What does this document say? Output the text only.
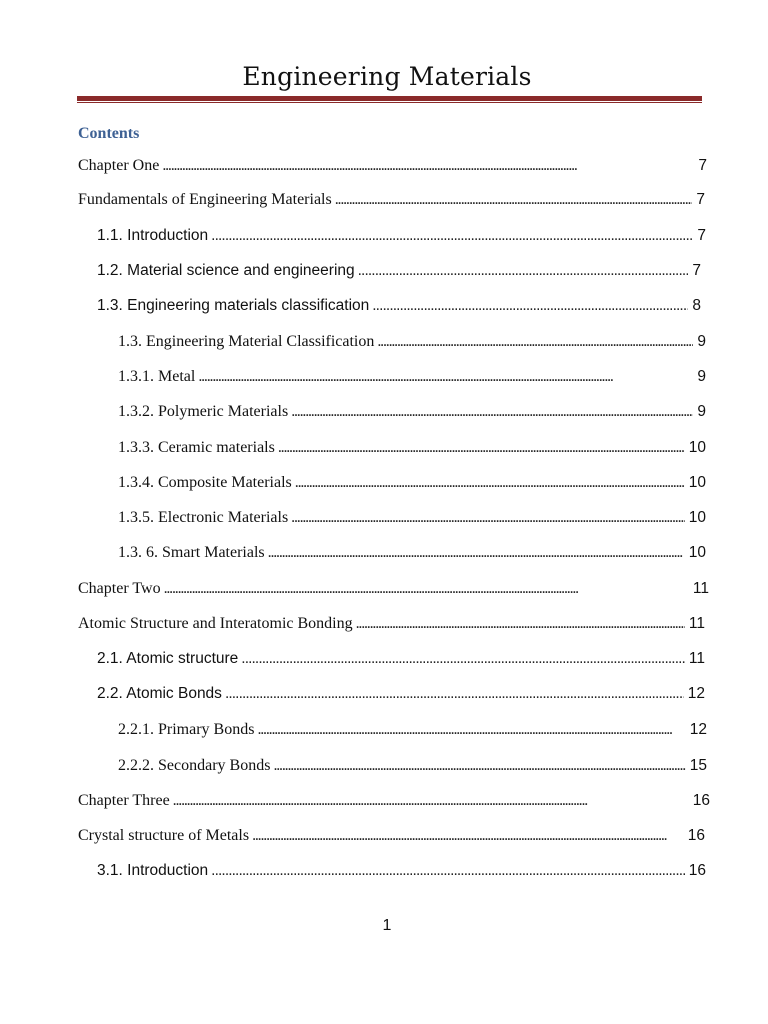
Engineering Materials
Contents
Chapter One . . .	7
Fundamentals of Engineering Materials . . .	7
1.1. Introduction . . .	7
1.2. Material science and engineering . . .	7
1.3. Engineering materials classification . . .	8
1.3. Engineering Material Classification . . .	9
1.3.1. Metal . . .	9
1.3.2. Polymeric Materials . . .	9
1.3.3. Ceramic materials . . .	10
1.3.4. Composite Materials . . .	10
1.3.5. Electronic Materials . . .	10
1.3. 6. Smart Materials . . .	10
Chapter Two . . .	11
Atomic Structure and Interatomic Bonding . . .	11
2.1. Atomic structure . . .	11
2.2. Atomic Bonds . . .	12
2.2.1. Primary Bonds . . .	12
2.2.2. Secondary Bonds . . .	15
Chapter Three . . .	16
Crystal structure of Metals . . .	16
3.1. Introduction . . .	16
1
